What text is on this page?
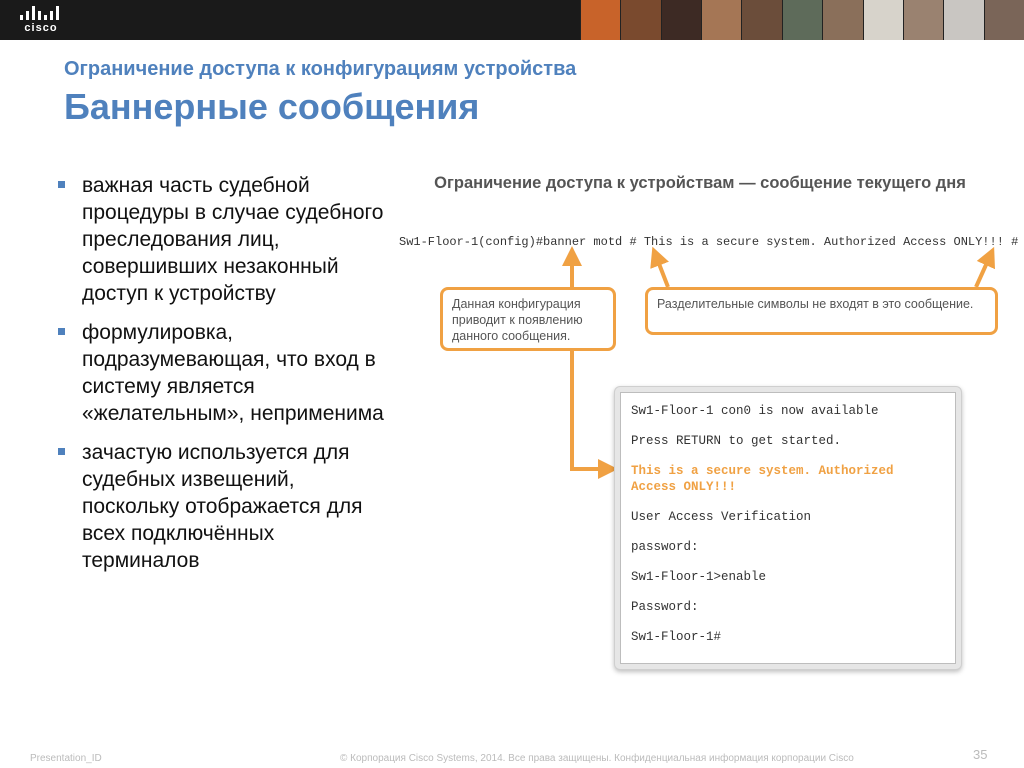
cisco
Ограничение доступа к конфигурациям устройства
Баннерные сообщения
важная часть судебной процедуры в случае судебного преследования лиц, совершивших незаконный доступ к устройству
формулировка, подразумевающая, что вход в систему является «желательным», неприменима
зачастую используется для судебных извещений, поскольку отображается для всех подключённых терминалов
Ограничение доступа к устройствам — сообщение текущего дня
Sw1-Floor-1(config)#banner motd # This is a secure system. Authorized Access ONLY!!! #
Данная конфигурация приводит к появлению данного сообщения.
Разделительные символы не входят в это сообщение.
Sw1-Floor-1 con0 is now available
Press RETURN to get started.
This is a secure system. Authorized Access ONLY!!!
User Access Verification
password:
Sw1-Floor-1>enable
Password:
Sw1-Floor-1#
Presentation_ID	© Корпорация Cisco Systems, 2014. Все права защищены. Конфиденциальная информация корпорации Cisco	35
